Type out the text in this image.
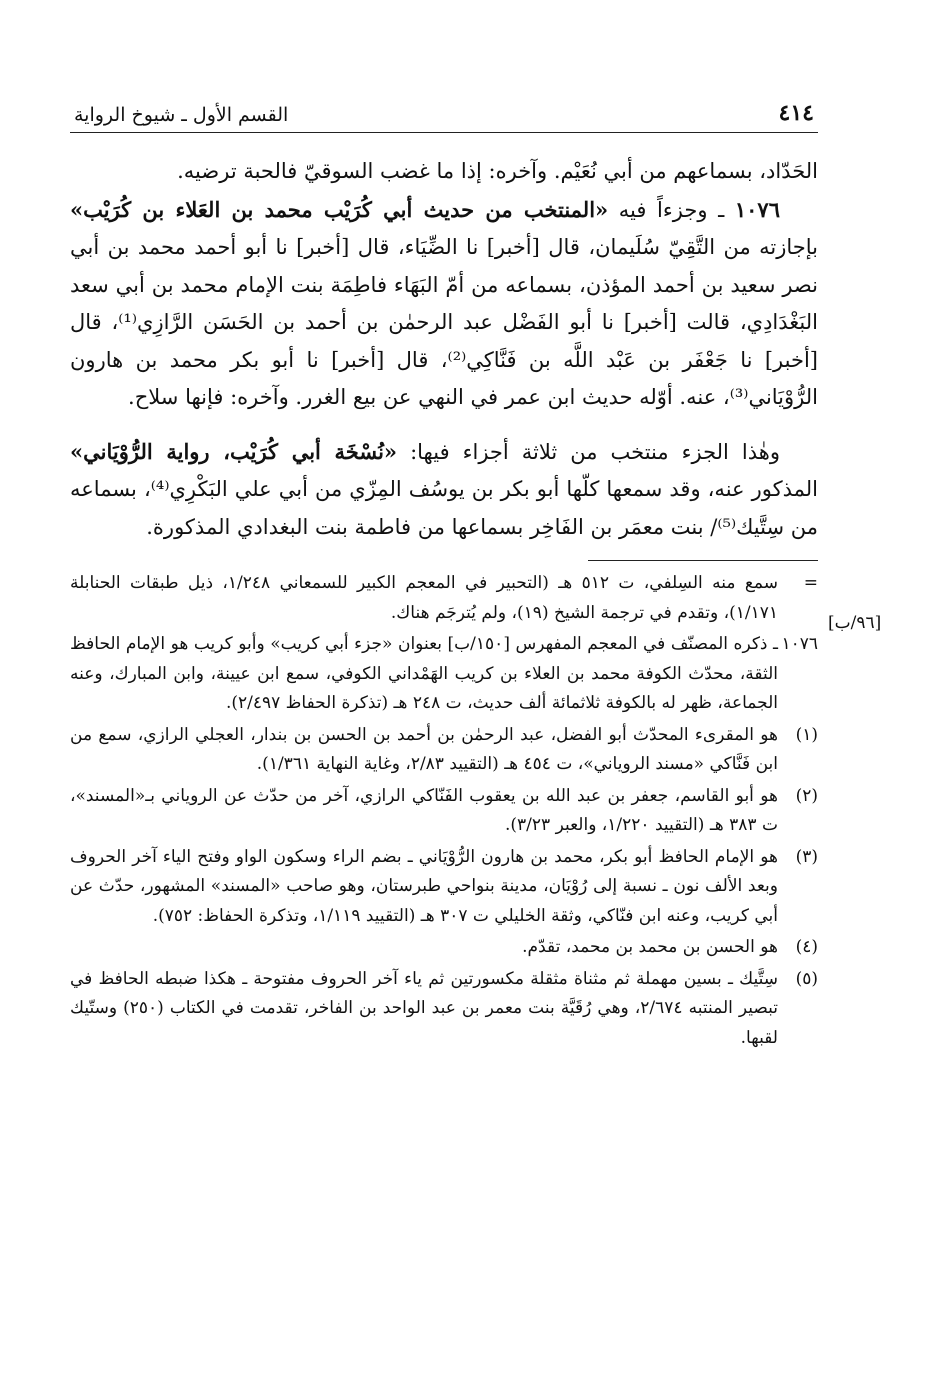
٤١٤
القسم الأول ـ شيوخ الرواية

الحَدّاد، بسماعهم من أبي نُعَيْم. وآخره: إذا ما غضب السوقيّ فالحبة ترضيه.

١٠٧٦ ـ وجزءاً فيه «المنتخب من حديث أبي كُرَيْب محمد بن العَلاء بن كُرَيْب» بإجازته من التَّقِيّ سُلَيمان، قال [أخبر] نا الضِّيَاء، قال [أخبر] نا أبو أحمد محمد بن أبي نصر سعيد بن أحمد المؤذن، بسماعه من أمّ البَهَاء فاطِمَة بنت الإمام محمد بن أبي سعد البَغْدَادِي، قالت [أخبر] نا أبو الفَضْل عبد الرحمٰن بن أحمد بن الحَسَن الرَّازِي⁽¹⁾، قال [أخبر] نا جَعْفَر بن عَبْد اللَّه بن فَنَّاكِي⁽²⁾، قال [أخبر] نا أبو بكر محمد بن هارون الرُّوْيَاني⁽³⁾، عنه. أوّله حديث ابن عمر في النهي عن بيع الغرر. وآخره: فإنها سلاح.

وهٰذا الجزء منتخب من ثلاثة أجزاء فيها: «نُسْخَة أبي كُرَيْب، رواية الرُّوْيَاني» المذكور عنه، وقد سمعها كلّها أبو بكر بن يوسُف المِزّي من أبي علي البَكْرِي⁽⁴⁾، بسماعه من سِتَّيك⁽⁵⁾/ بنت معمَر بن الفَاخِر بسماعها من فاطمة بنت البغدادي المذكورة.

=
سمع منه السِلفي، ت ٥١٢ هـ (التحبير في المعجم الكبير للسمعاني ١/٢٤٨، ذيل طبقات الحنابلة ١/١٧١)، وتقدم في ترجمة الشيخ (١٩)، ولم يُترجَم هناك.
١٠٧٦
ـ ذكره المصنّف في المعجم المفهرس [١٥٠/ب] بعنوان «جزء أبي كريب» وأبو كريب هو الإمام الحافظ الثقة، محدّث الكوفة محمد بن العلاء بن كريب الهَمْداني الكوفي، سمع ابن عيينة، وابن المبارك، وعنه الجماعة، ظهر له بالكوفة ثلاثمائة ألف حديث، ت ٢٤٨ هـ (تذكرة الحفاظ ٢/٤٩٧).
(١)
هو المقرىء المحدّث أبو الفضل، عبد الرحمٰن بن أحمد بن الحسن بن بندار، العجلي الرازي، سمع من ابن فَنَّاكي «مسند الروياني»، ت ٤٥٤ هـ (التقييد ٢/٨٣، وغاية النهاية ١/٣٦١).
(٢)
هو أبو القاسم، جعفر بن عبد الله بن يعقوب الفَنّاكي الرازي، آخر من حدّث عن الروياني بـ«المسند»، ت ٣٨٣ هـ (التقييد ١/٢٢٠، والعبر ٣/٢٣).
(٣)
هو الإمام الحافظ أبو بكر، محمد بن هارون الرُّوْيَاني ـ بضم الراء وسكون الواو وفتح الياء آخر الحروف وبعد الألف نون ـ نسبة إلى رُوْيَان، مدينة بنواحي طبرستان، وهو صاحب «المسند» المشهور، حدّث عن أبي كريب، وعنه ابن فنّاكي، وثقة الخليلي ت ٣٠٧ هـ (التقييد ١/١١٩، وتذكرة الحفاظ: ٧٥٢).
(٤)
هو الحسن بن محمد بن محمد، تقدّم.
(٥)
سِتَّيك ـ بسين مهملة ثم مثناة مثقلة مكسورتين ثم ياء آخر الحروف مفتوحة ـ هكذا ضبطه الحافظ في تبصير المنتبه ٢/٦٧٤، وهي رُقَيَّة بنت معمر بن عبد الواحد بن الفاخر، تقدمت في الكتاب (٢٥٠) وستّيك لقبها.
[٩٦/ب]
